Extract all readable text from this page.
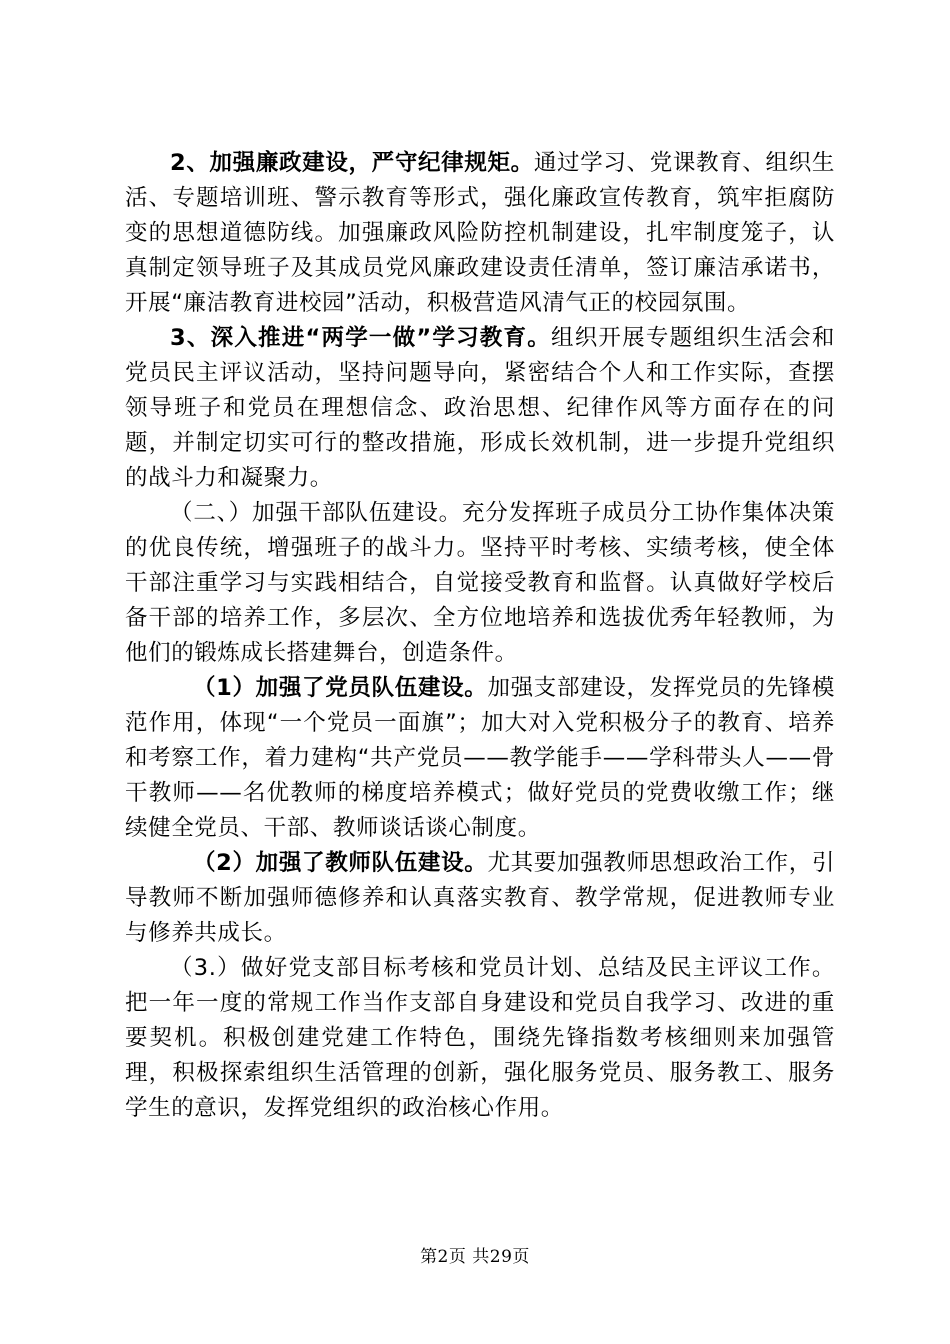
2、加强廉政建设，严守纪律规矩。通过学习、党课教育、组织生活、专题培训班、警示教育等形式，强化廉政宣传教育，筑牢拒腐防变的思想道德防线。加强廉政风险防控机制建设，扎牢制度笼子，认真制定领导班子及其成员党风廉政建设责任清单，签订廉洁承诺书，开展“廉洁教育进校园”活动，积极营造风清气正的校园氛围。

3、深入推进“两学一做”学习教育。组织开展专题组织生活会和党员民主评议活动，坚持问题导向，紧密结合个人和工作实际，查摆领导班子和党员在理想信念、政治思想、纪律作风等方面存在的问题，并制定切实可行的整改措施，形成长效机制，进一步提升党组织的战斗力和凝聚力。

（二、）加强干部队伍建设。充分发挥班子成员分工协作集体决策的优良传统，增强班子的战斗力。坚持平时考核、实绩考核，使全体干部注重学习与实践相结合，自觉接受教育和监督。认真做好学校后备干部的培养工作，多层次、全方位地培养和选拔优秀年轻教师，为他们的锻炼成长搭建舞台，创造条件。

（1）加强了党员队伍建设。加强支部建设，发挥党员的先锋模范作用，体现“一个党员一面旗”；加大对入党积极分子的教育、培养和考察工作，着力建构“共产党员——教学能手——学科带头人——骨干教师——名优教师的梯度培养模式；做好党员的党费收缴工作；继续健全党员、干部、教师谈话谈心制度。

（2）加强了教师队伍建设。尤其要加强教师思想政治工作，引导教师不断加强师德修养和认真落实教育、教学常规，促进教师专业与修养共成长。

（3.）做好党支部目标考核和党员计划、总结及民主评议工作。把一年一度的常规工作当作支部自身建设和党员自我学习、改进的重要契机。积极创建党建工作特色，围绕先锋指数考核细则来加强管理，积极探索组织生活管理的创新，强化服务党员、服务教工、服务学生的意识，发挥党组织的政治核心作用。

第2页 共29页
